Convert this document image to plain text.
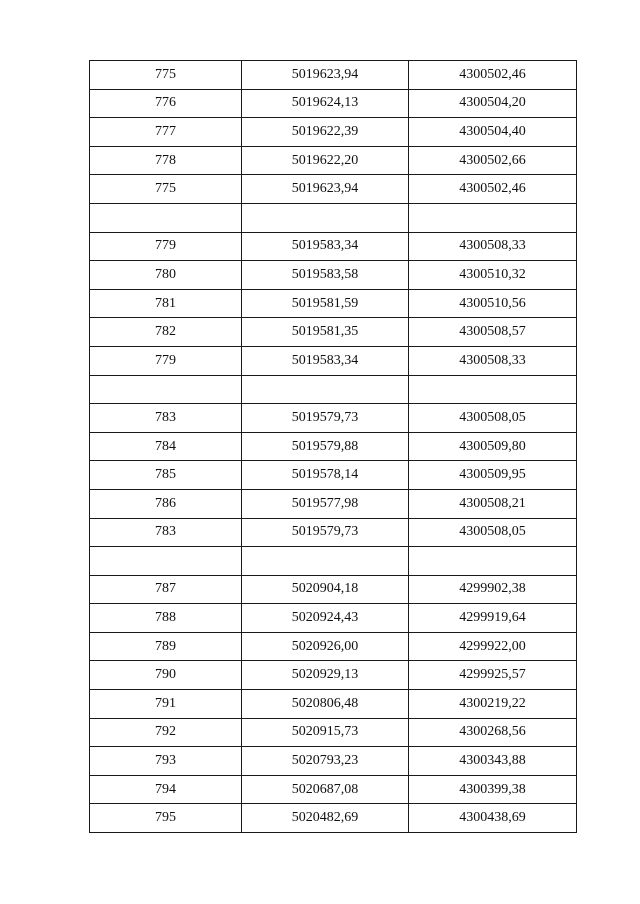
775	5019623,94	4300502,46
776	5019624,13	4300504,20
777	5019622,39	4300504,40
778	5019622,20	4300502,66
775	5019623,94	4300502,46

779	5019583,34	4300508,33
780	5019583,58	4300510,32
781	5019581,59	4300510,56
782	5019581,35	4300508,57
779	5019583,34	4300508,33

783	5019579,73	4300508,05
784	5019579,88	4300509,80
785	5019578,14	4300509,95
786	5019577,98	4300508,21
783	5019579,73	4300508,05

787	5020904,18	4299902,38
788	5020924,43	4299919,64
789	5020926,00	4299922,00
790	5020929,13	4299925,57
791	5020806,48	4300219,22
792	5020915,73	4300268,56
793	5020793,23	4300343,88
794	5020687,08	4300399,38
795	5020482,69	4300438,69
